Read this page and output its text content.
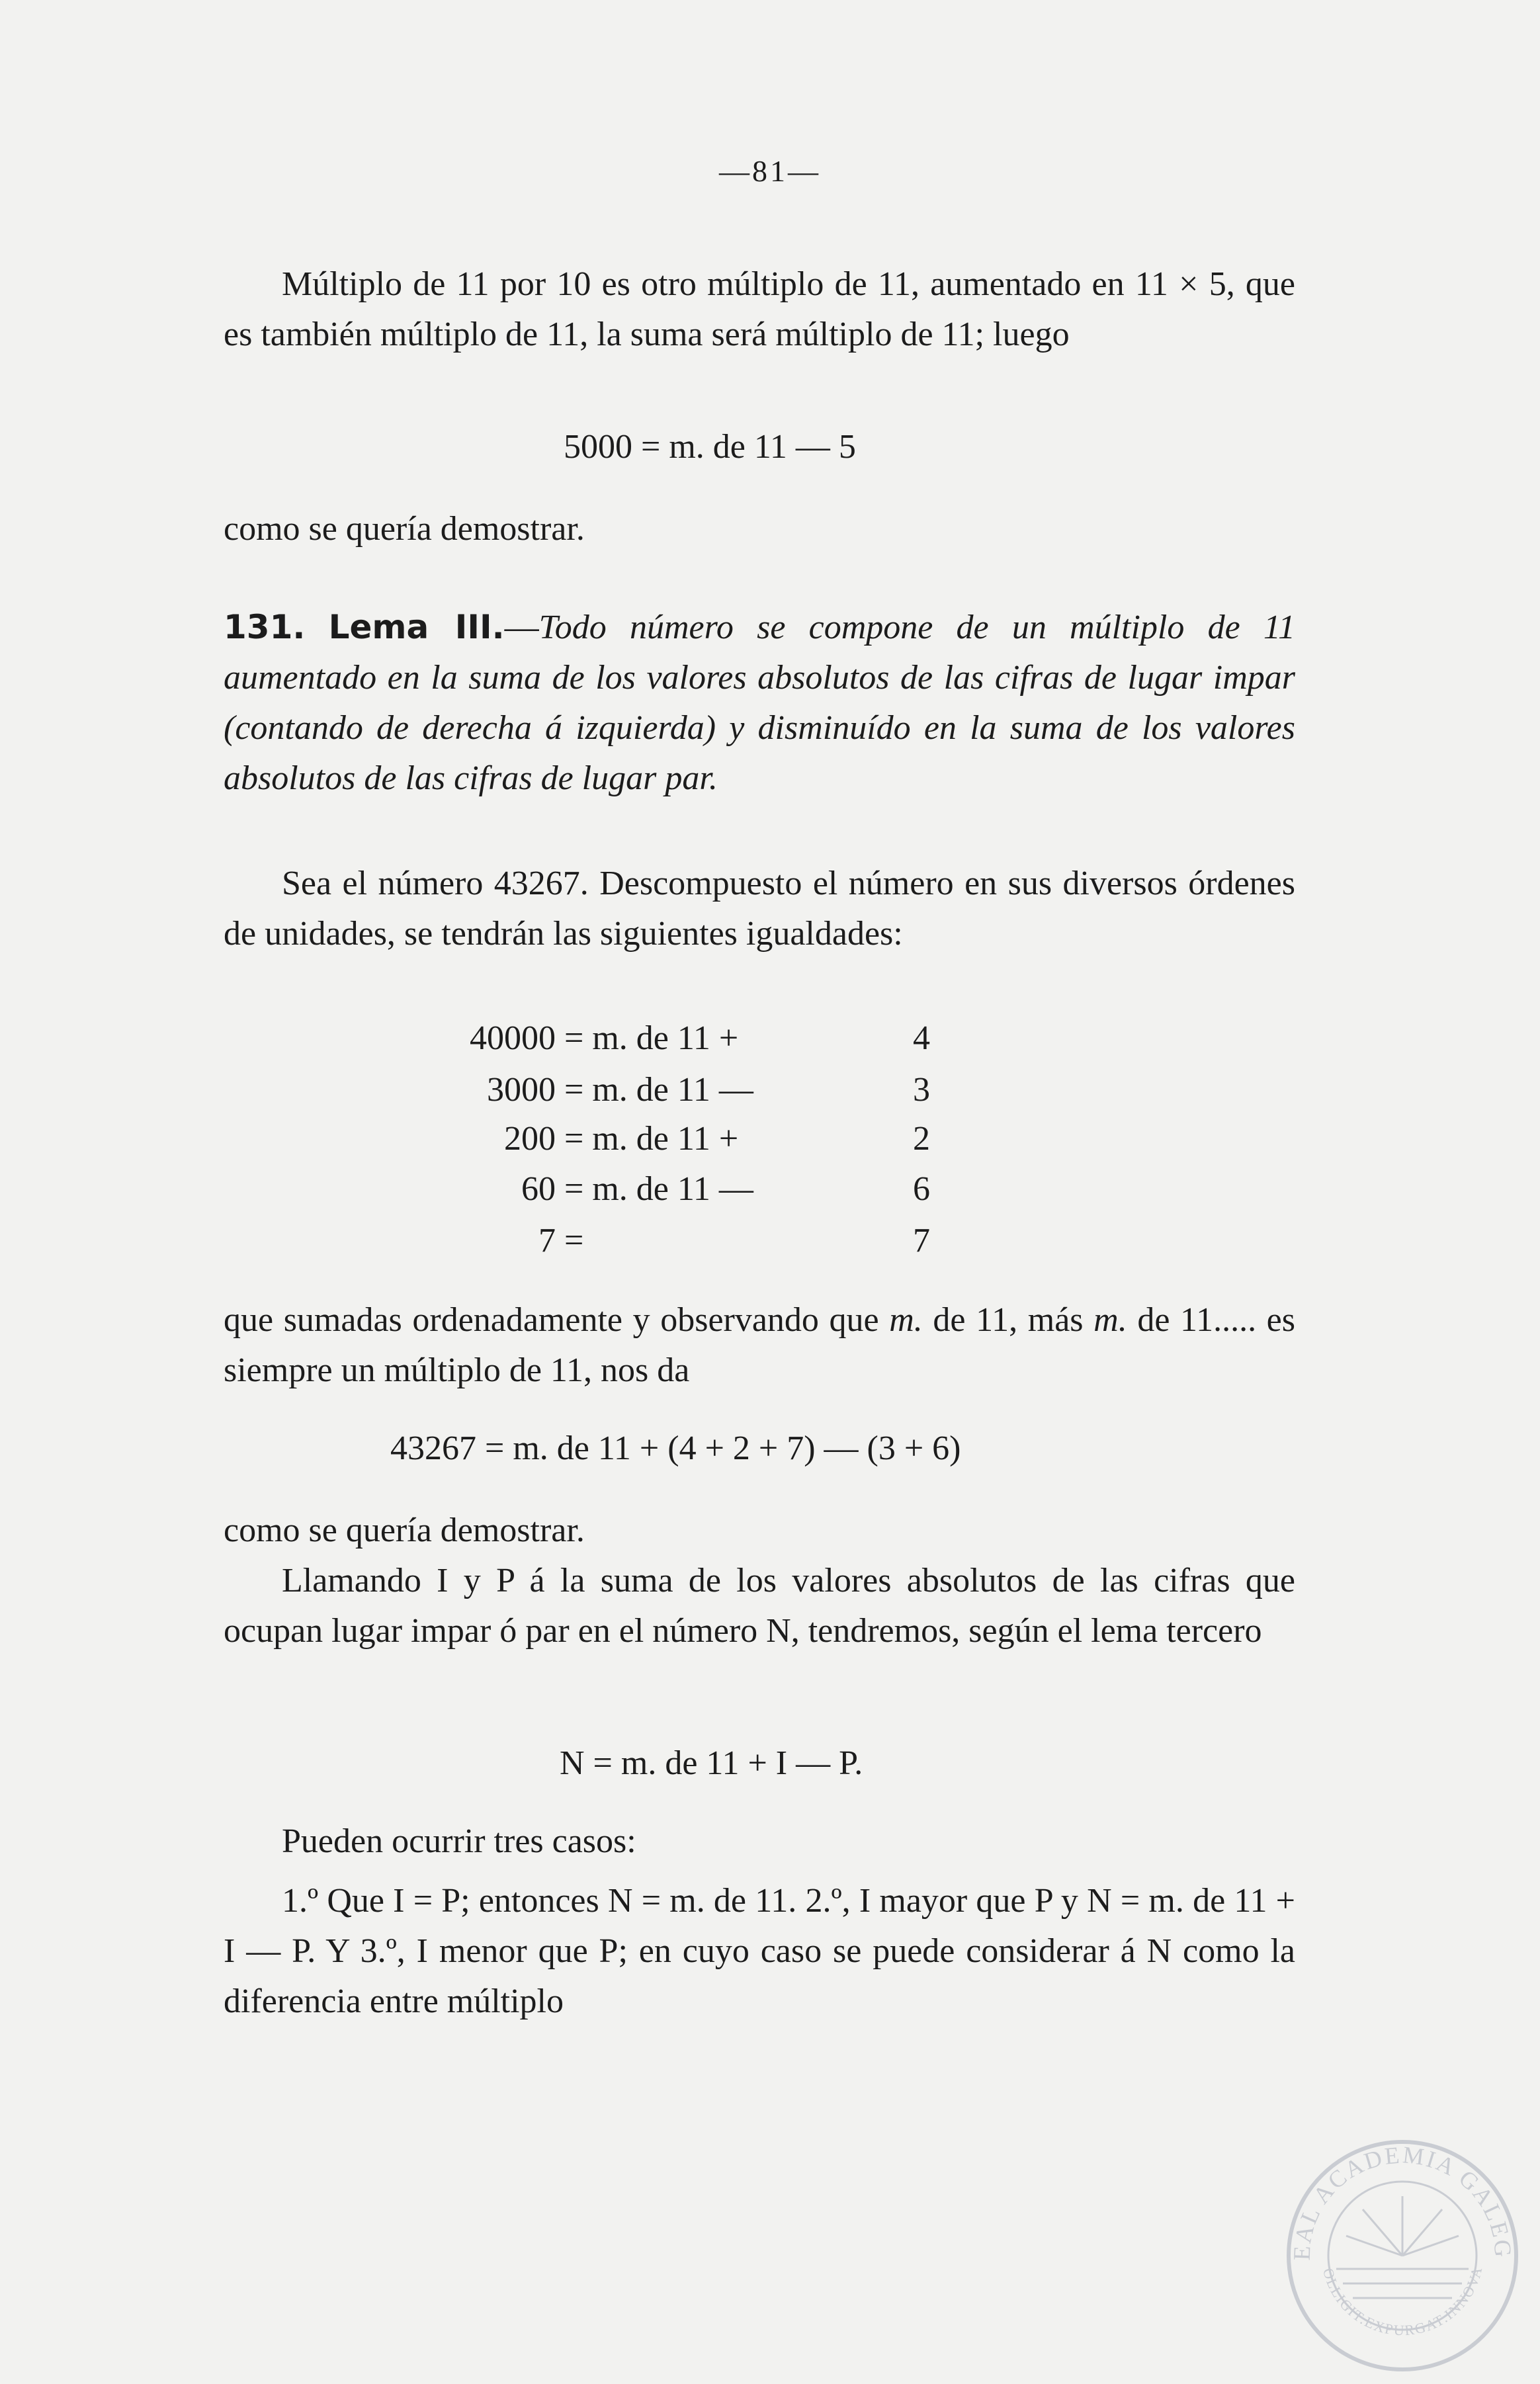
—81—

Múltiplo de 11 por 10 es otro múltiplo de 11, aumentado en 11 × 5, que es también múltiplo de 11, la suma será múltiplo de 11; luego

5000 = m. de 11 — 5

como se quería demostrar.

131. Lema III.—Todo número se compone de un múltiplo de 11 aumentado en la suma de los valores absolutos de las cifras de lugar impar (contando de derecha á izquierda) y disminuído en la suma de los valores absolutos de las cifras de lugar par.

Sea el número 43267. Descompuesto el número en sus diversos órdenes de unidades, se tendrán las siguientes igualdades:

40000 = m. de 11 +	4
3000 = m. de 11 —	3
200 = m. de 11 +	2
60 = m. de 11 —	6
7 =	7

que sumadas ordenadamente y observando que m. de 11, más m. de 11..... es siempre un múltiplo de 11, nos da

43267 = m. de 11 + (4 + 2 + 7) — (3 + 6)

como se quería demostrar.

Llamando I y P á la suma de los valores absolutos de las cifras que ocupan lugar impar ó par en el número N, tendremos, según el lema tercero

N = m. de 11 + I — P.

Pueden ocurrir tres casos:

1.º Que I = P; entonces N = m. de 11. 2.º, I mayor que P y N = m. de 11 + I — P. Y 3.º, I menor que P; en cuyo caso se puede considerar á N como la diferencia entre múltiplo

EAL ACADEMIA GALEG
OLLIGIT.EXPURGAT.INNOVA
